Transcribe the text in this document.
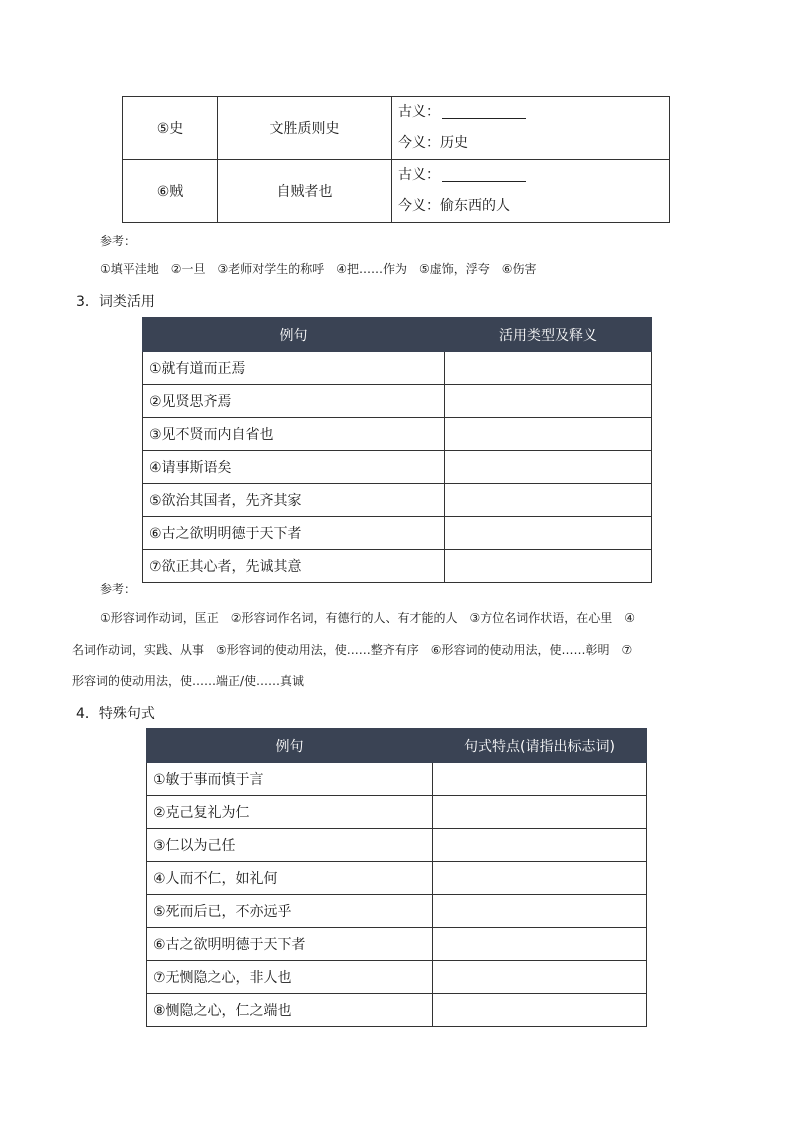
⑤史	文胜质则史	古义：
今义：历史

⑥贼	自贼者也	古义：
今义：偷东西的人
参考：
①填平洼地　②一旦　③老师对学生的称呼　④把……作为　⑤虚饰，浮夸　⑥伤害
3．词类活用
例句	活用类型及释义
①就有道而正焉	
②见贤思齐焉	
③见不贤而内自省也	
④请事斯语矣	
⑤欲治其国者，先齐其家	
⑥古之欲明明德于天下者	
⑦欲正其心者，先诚其意	
参考：
①形容词作动词，匡正　②形容词作名词，有德行的人、有才能的人　③方位名词作状语，在心里　④
名词作动词，实践、从事　⑤形容词的使动用法，使……整齐有序　⑥形容词的使动用法，使……彰明　⑦
形容词的使动用法，使……端正/使……真诚
4．特殊句式
例句	句式特点(请指出标志词)
①敏于事而慎于言	
②克己复礼为仁	
③仁以为己任	
④人而不仁，如礼何	
⑤死而后已，不亦远乎	
⑥古之欲明明德于天下者	
⑦无恻隐之心，非人也	
⑧恻隐之心，仁之端也	
